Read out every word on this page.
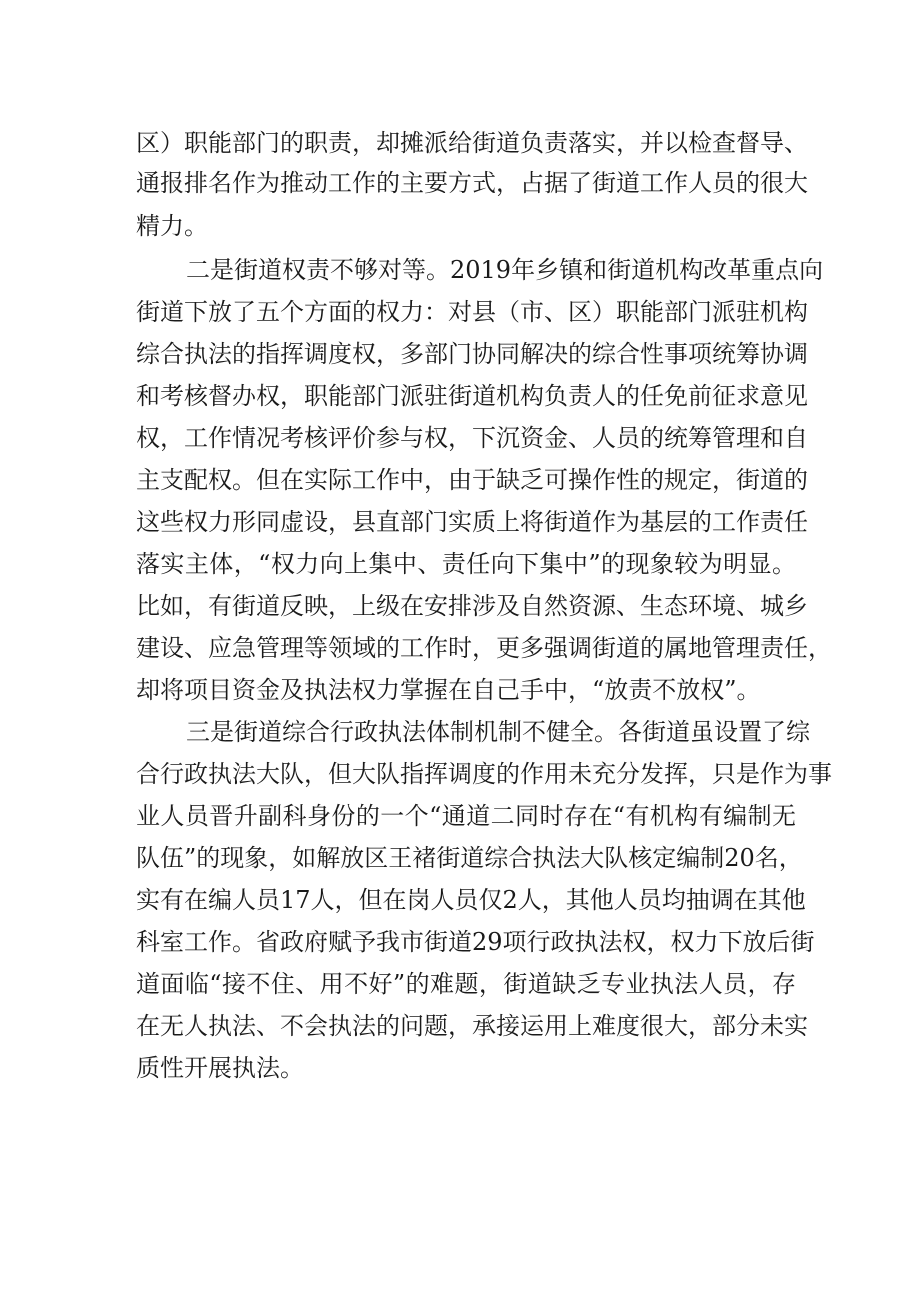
区）职能部门的职责，却摊派给街道负责落实，并以检查督导、
通报排名作为推动工作的主要方式，占据了街道工作人员的很大
精力。
二是街道权责不够对等。2019年乡镇和街道机构改革重点向
街道下放了五个方面的权力：对县（市、区）职能部门派驻机构
综合执法的指挥调度权，多部门协同解决的综合性事项统筹协调
和考核督办权，职能部门派驻街道机构负责人的任免前征求意见
权，工作情况考核评价参与权，下沉资金、人员的统筹管理和自
主支配权。但在实际工作中，由于缺乏可操作性的规定，街道的
这些权力形同虚设，县直部门实质上将街道作为基层的工作责任
落实主体，“权力向上集中、责任向下集中”的现象较为明显。
比如，有街道反映，上级在安排涉及自然资源、生态环境、城乡
建设、应急管理等领域的工作时，更多强调街道的属地管理责任，
却将项目资金及执法权力掌握在自己手中，“放责不放权”。
三是街道综合行政执法体制机制不健全。各街道虽设置了综
合行政执法大队，但大队指挥调度的作用未充分发挥，只是作为事
业人员晋升副科身份的一个“通道二同时存在“有机构有编制无
队伍”的现象，如解放区王褚街道综合执法大队核定编制20名，
实有在编人员17人，但在岗人员仅2人，其他人员均抽调在其他
科室工作。省政府赋予我市街道29项行政执法权，权力下放后街
道面临“接不住、用不好”的难题，街道缺乏专业执法人员，存
在无人执法、不会执法的问题，承接运用上难度很大，部分未实
质性开展执法。
